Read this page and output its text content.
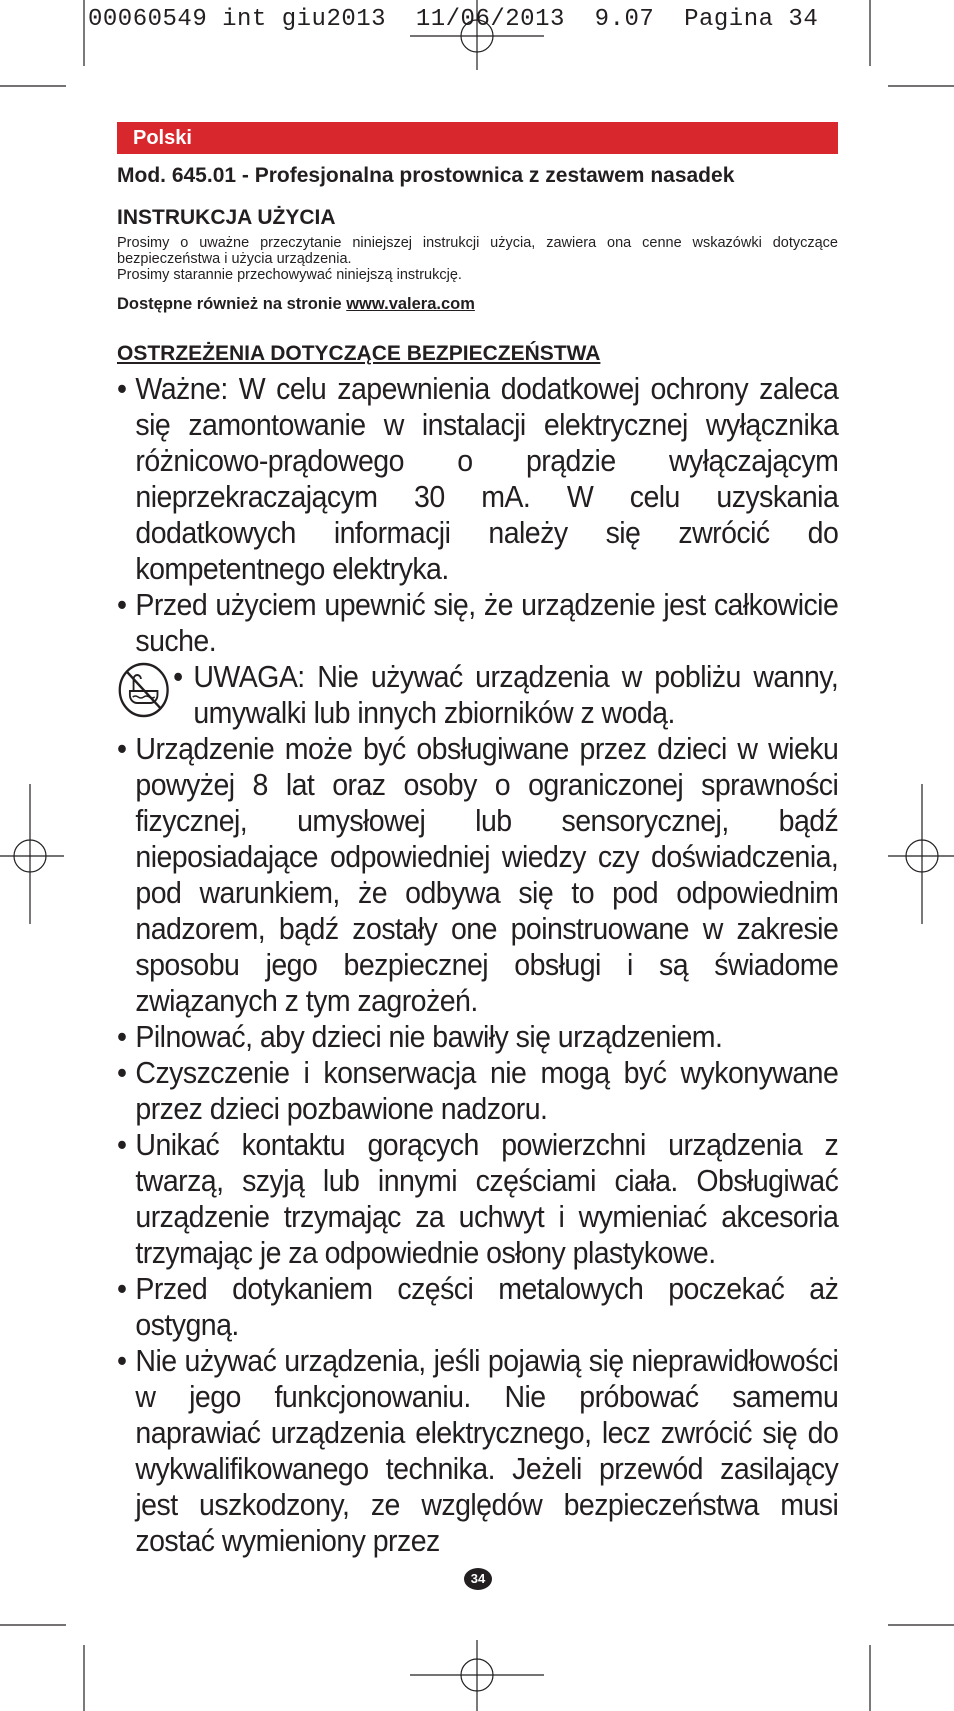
00060549 int giu2013  11/06/2013  9.07  Pagina 34
Polski
Mod. 645.01 - Profesjonalna prostownica z zestawem nasadek
INSTRUKCJA UŻYCIA

Prosimy o uważne przeczytanie niniejszej instrukcji użycia, zawiera ona cenne wskazówki dotyczące bezpieczeństwa i użycia urządzenia.

Prosimy starannie przechowywać niniejszą instrukcję.

Dostępne również na stronie www.valera.com
OSTRZEŻENIA DOTYCZĄCE BEZPIECZEŃSTWA
• Ważne: W celu zapewnienia dodatkowej ochrony zaleca się zamontowanie w instalacji elektrycznej wyłącznika różnicowo-prądowego o prądzie wyłączającym nieprzekraczającym 30 mA. W celu uzyskania dodatkowych informacji należy się zwrócić do kompetentnego elektryka.
• Przed użyciem upewnić się, że urządzenie jest całkowicie suche.
• UWAGA: Nie używać urządzenia w pobliżu wanny, umywalki lub innych zbiorników z wodą.
• Urządzenie może być obsługiwane przez dzieci w wieku powyżej 8 lat oraz osoby o ograniczonej sprawności fizycznej, umysłowej lub sensorycznej, bądź nieposiadające odpowiedniej wiedzy czy doświadczenia, pod warunkiem, że odbywa się to pod odpowiednim nadzorem, bądź zostały one poinstruowane w zakresie sposobu jego bezpiecznej obsługi i są świadome związanych z tym zagrożeń.
• Pilnować, aby dzieci nie bawiły się urządzeniem.
• Czyszczenie i konserwacja nie mogą być wykonywane przez dzieci pozbawione nadzoru.
• Unikać kontaktu gorących powierzchni urządzenia z twarzą, szyją lub innymi częściami ciała. Obsługiwać urządzenie trzymając za uchwyt i wymieniać akcesoria trzymając je za odpowiednie osłony plastykowe.
• Przed dotykaniem części metalowych poczekać aż ostygną.
• Nie używać urządzenia, jeśli pojawią się nieprawidłowości w jego funkcjonowaniu. Nie próbować samemu naprawiać urządzenia elektrycznego, lecz zwrócić się do wykwalifikowanego technika. Jeżeli przewód zasilający jest uszkodzony, ze względów bezpieczeństwa musi zostać wymieniony przez
34
